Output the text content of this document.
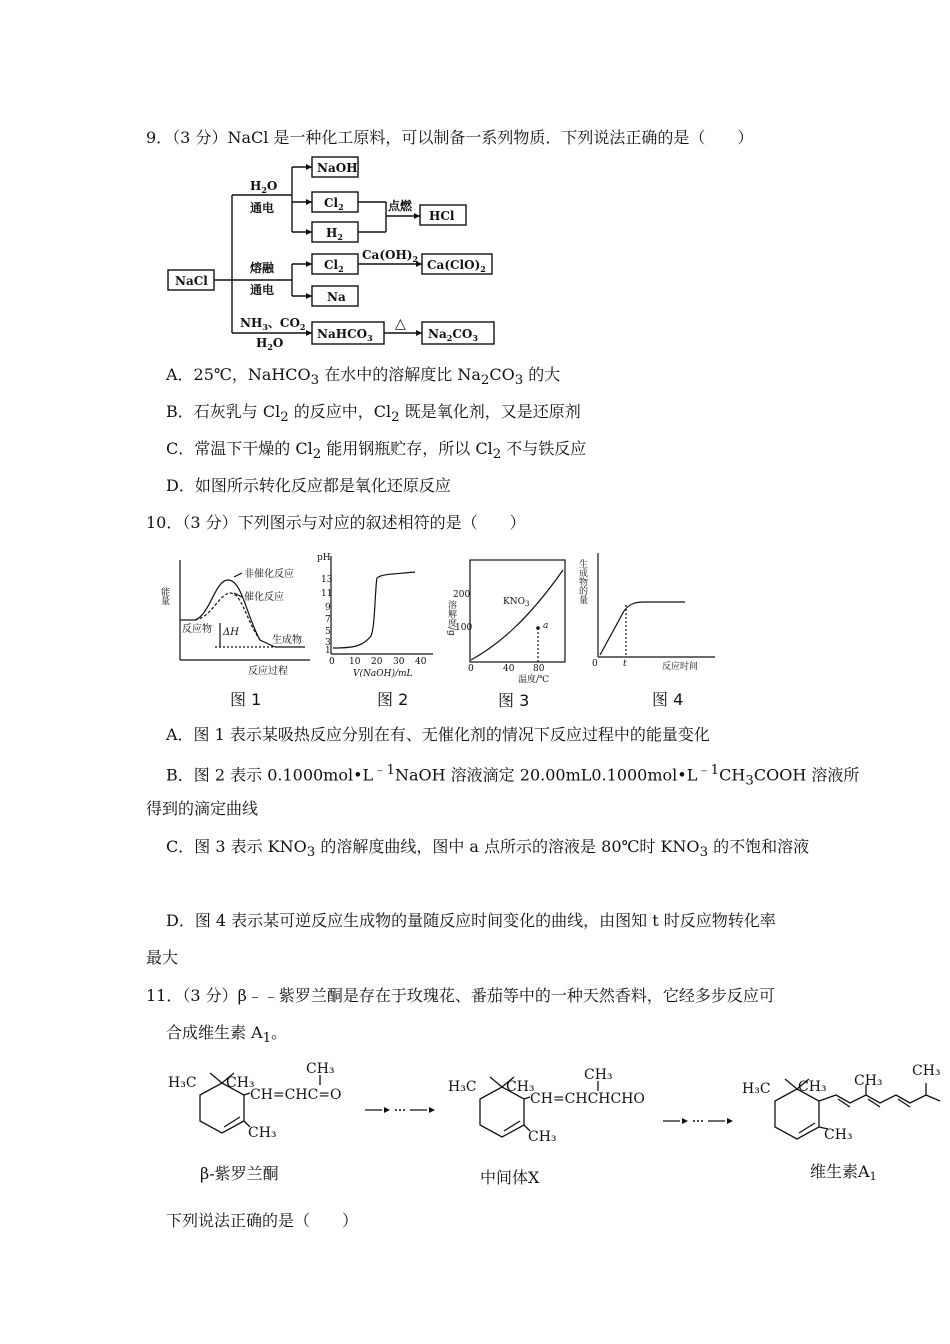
9．（3 分）NaCl 是一种化工原料，可以制备一系列物质．下列说法正确的是（　　）
NaCl
NaOH
$Cl_2$
$H_2$
HCl
$Cl_2$	$Ca(ClO)_2$
Na
NaHCO$_3$	$Na_2CO_3$
$H_2O$
通电	点燃
$Ca(OH)_2$
熔融
通电
$NH_3$、$CO_2$
$H_2O$
△
A．25℃，NaHCO$_3$ 在水中的溶解度比 $Na_2CO_3$ 的大
B．石灰乳与 $Cl_2$ 的反应中，$Cl_2$ 既是氧化剂，又是还原剂
C．常温下干燥的 $Cl_2$ 能用钢瓶贮存，所以 $Cl_2$ 不与铁反应
D．如图所示转化反应都是氧化还原反应
10．（3 分）下列图示与对应的叙述相符的是（　　）
能量
非催化反应
催化反应
反应物 ΔH
生成物
反应过程
图 1
pH
13
11
9
7
5
3
1
0 10 20 30 40
V(NaOH)/mL
图 2
溶解度/g
200
100
$KNO_3$
a
0	40 80
温度/℃
图 3
生成物的量
0	t	反应时间
图 4
A．图 1 表示某吸热反应分别在有、无催化剂的情况下反应过程中的能量变化
B．图 2 表示 $0.1000mol•L^{﹣1}NaOH$ 溶液滴定 $20.00mL0.1000mol•L^{﹣1}CH_3COOH$ 溶液所
得到的滴定曲线
C．图 3 表示 $KNO_3$ 的溶解度曲线，图中 a 点所示的溶液是 80℃时 $KNO_3$ 的不饱和溶液
D．图 4 表示某可逆反应生成物的量随反应时间变化的曲线，由图知 t 时反应物转化率
最大
11．（3 分）β﹣﹣紫罗兰酮是存在于玫瑰花、番茄等中的一种天然香料，它经多步反应可
合成维生素 $A_1$。
H₃C CH₃
CH=CHC=O
CH₃
CH₃
β-紫罗兰酮
H₃C CH₃
CH=CHCHCHO
CH₃
CH₃
中间体X
H₃C CH₃ CH₃
CH₃
CH₃
维生素A1
下列说法正确的是（　　）
